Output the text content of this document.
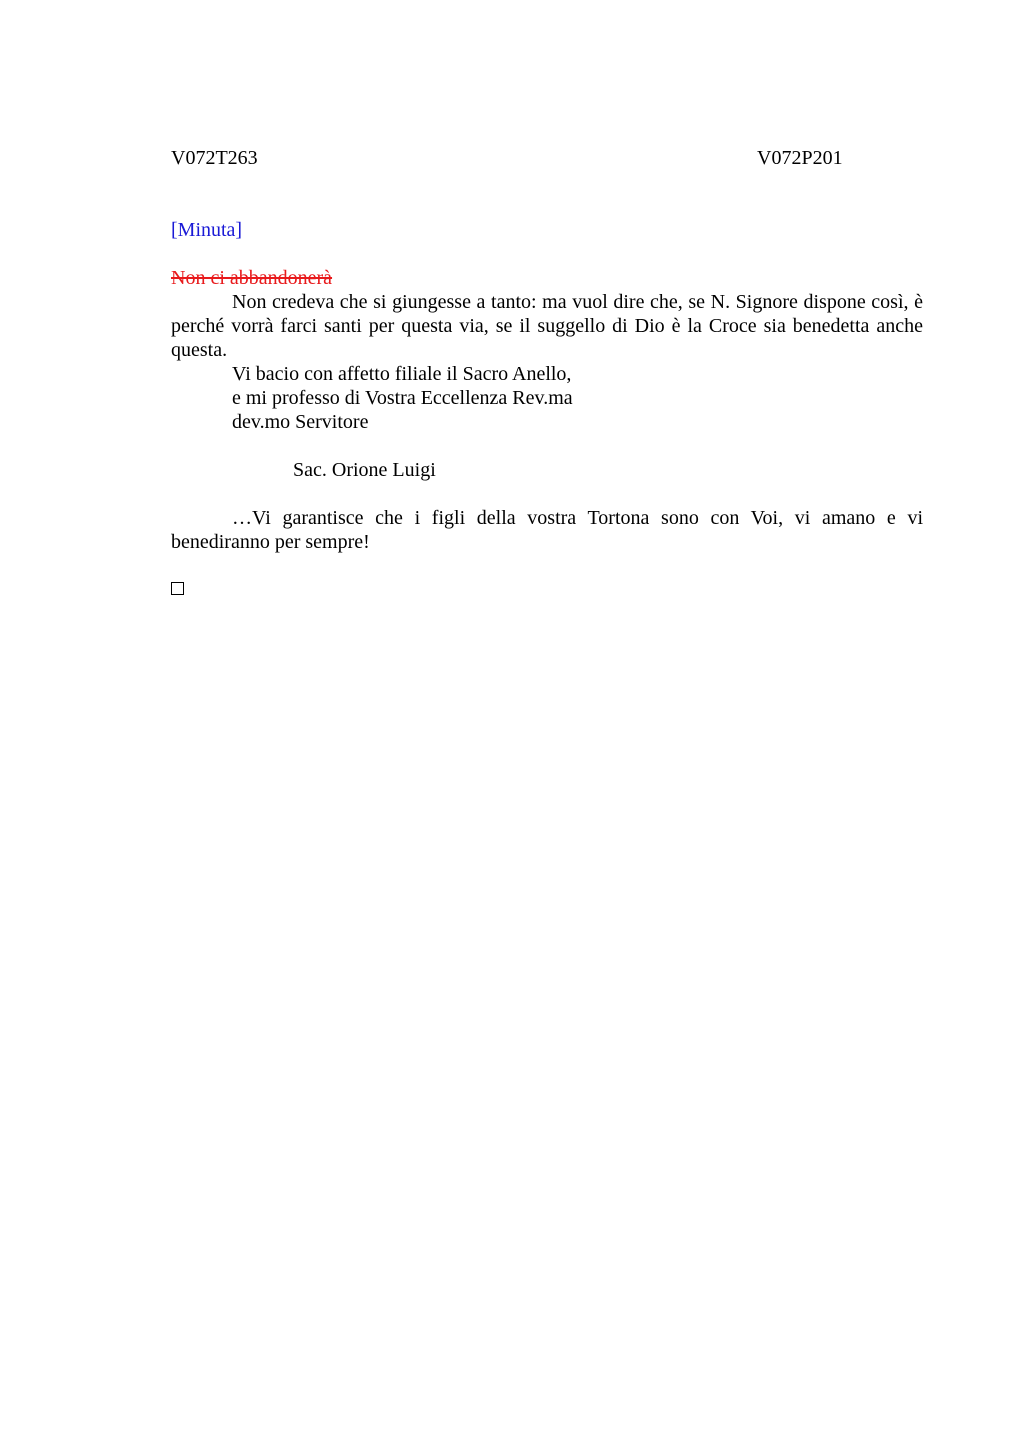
V072T263	V072P201

[Minuta]

Non ci abbandonerà

Non credeva che si giungesse a tanto: ma vuol dire che, se N. Signore dispone così, è perché vorrà farci santi per questa via, se il suggello di Dio è la Croce sia benedetta anche questa.

Vi bacio con affetto filiale il Sacro Anello,

e mi professo di Vostra Eccellenza Rev.ma

dev.mo Servitore

Sac. Orione Luigi

…Vi garantisce che i figli della vostra Tortona sono con Voi, vi amano e vi benediranno per sempre!
